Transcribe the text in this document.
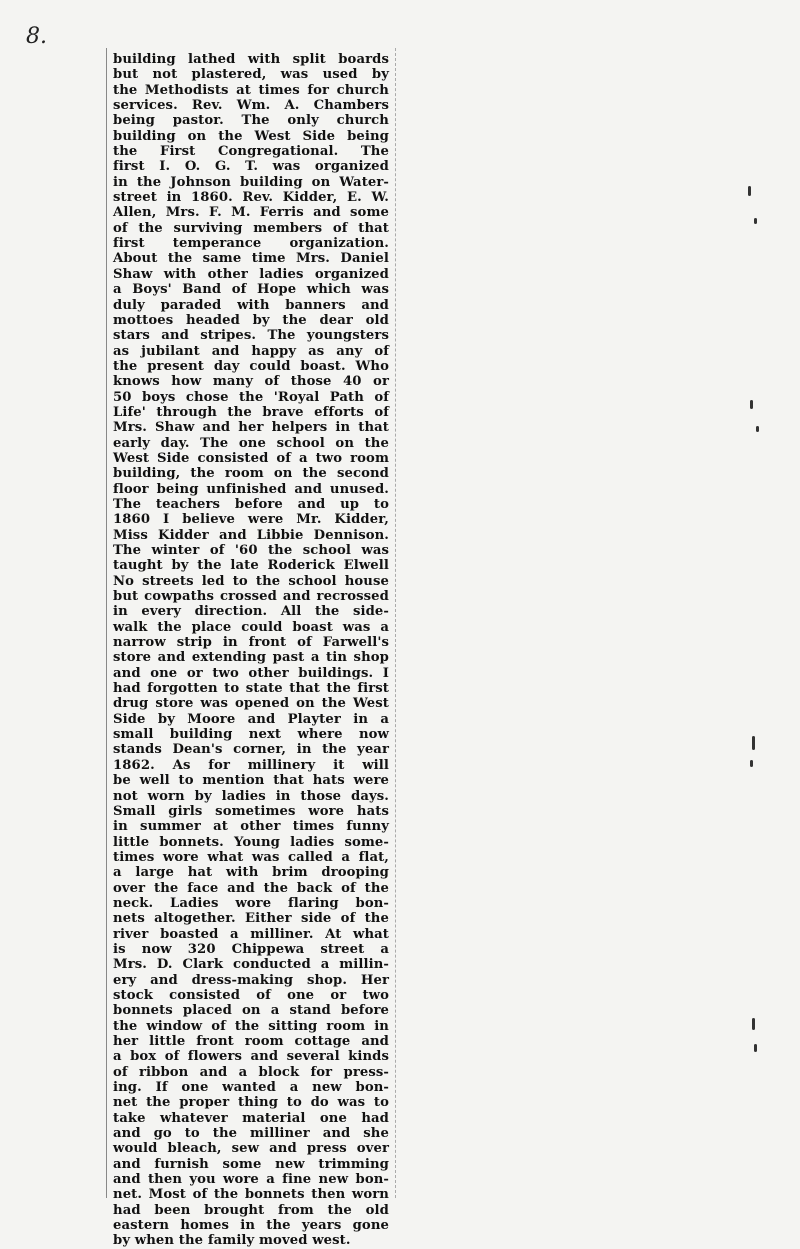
8.
building lathed with split boards
but not plastered, was used by
the Methodists at times for church
services. Rev. Wm. A. Chambers
being pastor. The only church
building on the West Side being
the First Congregational. The
first I. O. G. T. was organized
in the Johnson building on Water-
street in 1860. Rev. Kidder, E. W.
Allen, Mrs. F. M. Ferris and some
of the surviving members of that
first temperance organization.
About the same time Mrs. Daniel
Shaw with other ladies organized
a Boys' Band of Hope which was
duly paraded with banners and
mottoes headed by the dear old
stars and stripes. The youngsters
as jubilant and happy as any of
the present day could boast. Who
knows how many of those 40 or
50 boys chose the 'Royal Path of
Life' through the brave efforts of
Mrs. Shaw and her helpers in that
early day. The one school on the
West Side consisted of a two room
building, the room on the second
floor being unfinished and unused.
The teachers before and up to
1860 I believe were Mr. Kidder,
Miss Kidder and Libbie Dennison.
The winter of '60 the school was
taught by the late Roderick Elwell
No streets led to the school house
but cowpaths crossed and recrossed
in every direction. All the side-
walk the place could boast was a
narrow strip in front of Farwell's
store and extending past a tin shop
and one or two other buildings. I
had forgotten to state that the first
drug store was opened on the West
Side by Moore and Playter in a
small building next where now
stands Dean's corner, in the year
1862. As for millinery it will
be well to mention that hats were
not worn by ladies in those days.
Small girls sometimes wore hats
in summer at other times funny
little bonnets. Young ladies some-
times wore what was called a flat,
a large hat with brim drooping
over the face and the back of the
neck. Ladies wore flaring bon-
nets altogether. Either side of the
river boasted a milliner. At what
is now 320 Chippewa street a
Mrs. D. Clark conducted a millin-
ery and dress-making shop. Her
stock consisted of one or two
bonnets placed on a stand before
the window of the sitting room in
her little front room cottage and
a box of flowers and several kinds
of ribbon and a block for press-
ing. If one wanted a new bon-
net the proper thing to do was to
take whatever material one had
and go to the milliner and she
would bleach, sew and press over
and furnish some new trimming
and then you wore a fine new bon-
net. Most of the bonnets then worn
had been brought from the old
eastern homes in the years gone
by when the family moved west.
